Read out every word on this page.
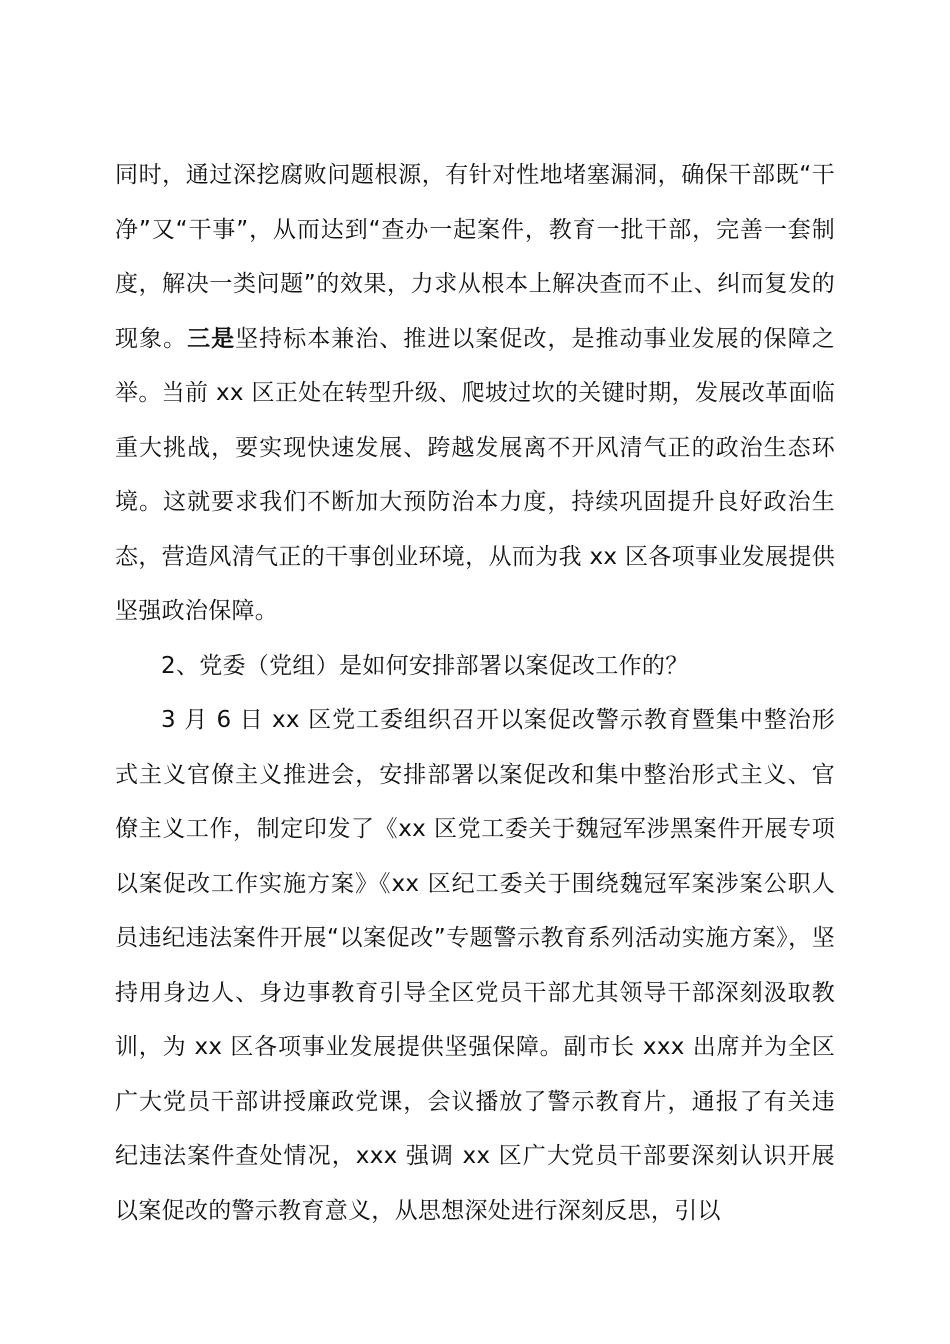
同时，通过深挖腐败问题根源，有针对性地堵塞漏洞，确保干部既“干净”又“干事”，从而达到“查办一起案件，教育一批干部，完善一套制度，解决一类问题”的效果，力求从根本上解决查而不止、纠而复发的现象。三是坚持标本兼治、推进以案促改，是推动事业发展的保障之举。当前 xx 区正处在转型升级、爬坡过坎的关键时期，发展改革面临重大挑战，要实现快速发展、跨越发展离不开风清气正的政治生态环境。这就要求我们不断加大预防治本力度，持续巩固提升良好政治生态，营造风清气正的干事创业环境，从而为我 xx 区各项事业发展提供坚强政治保障。

2、党委（党组）是如何安排部署以案促改工作的？

3 月 6 日 xx 区党工委组织召开以案促改警示教育暨集中整治形式主义官僚主义推进会，安排部署以案促改和集中整治形式主义、官僚主义工作，制定印发了《xx 区党工委关于魏冠军涉黑案件开展专项以案促改工作实施方案》《xx 区纪工委关于围绕魏冠军案涉案公职人员违纪违法案件开展“以案促改”专题警示教育系列活动实施方案》，坚持用身边人、身边事教育引导全区党员干部尤其领导干部深刻汲取教训，为 xx 区各项事业发展提供坚强保障。副市长 xxx 出席并为全区广大党员干部讲授廉政党课，会议播放了警示教育片，通报了有关违纪违法案件查处情况，xxx 强调 xx 区广大党员干部要深刻认识开展以案促改的警示教育意义，从思想深处进行深刻反思，引以
